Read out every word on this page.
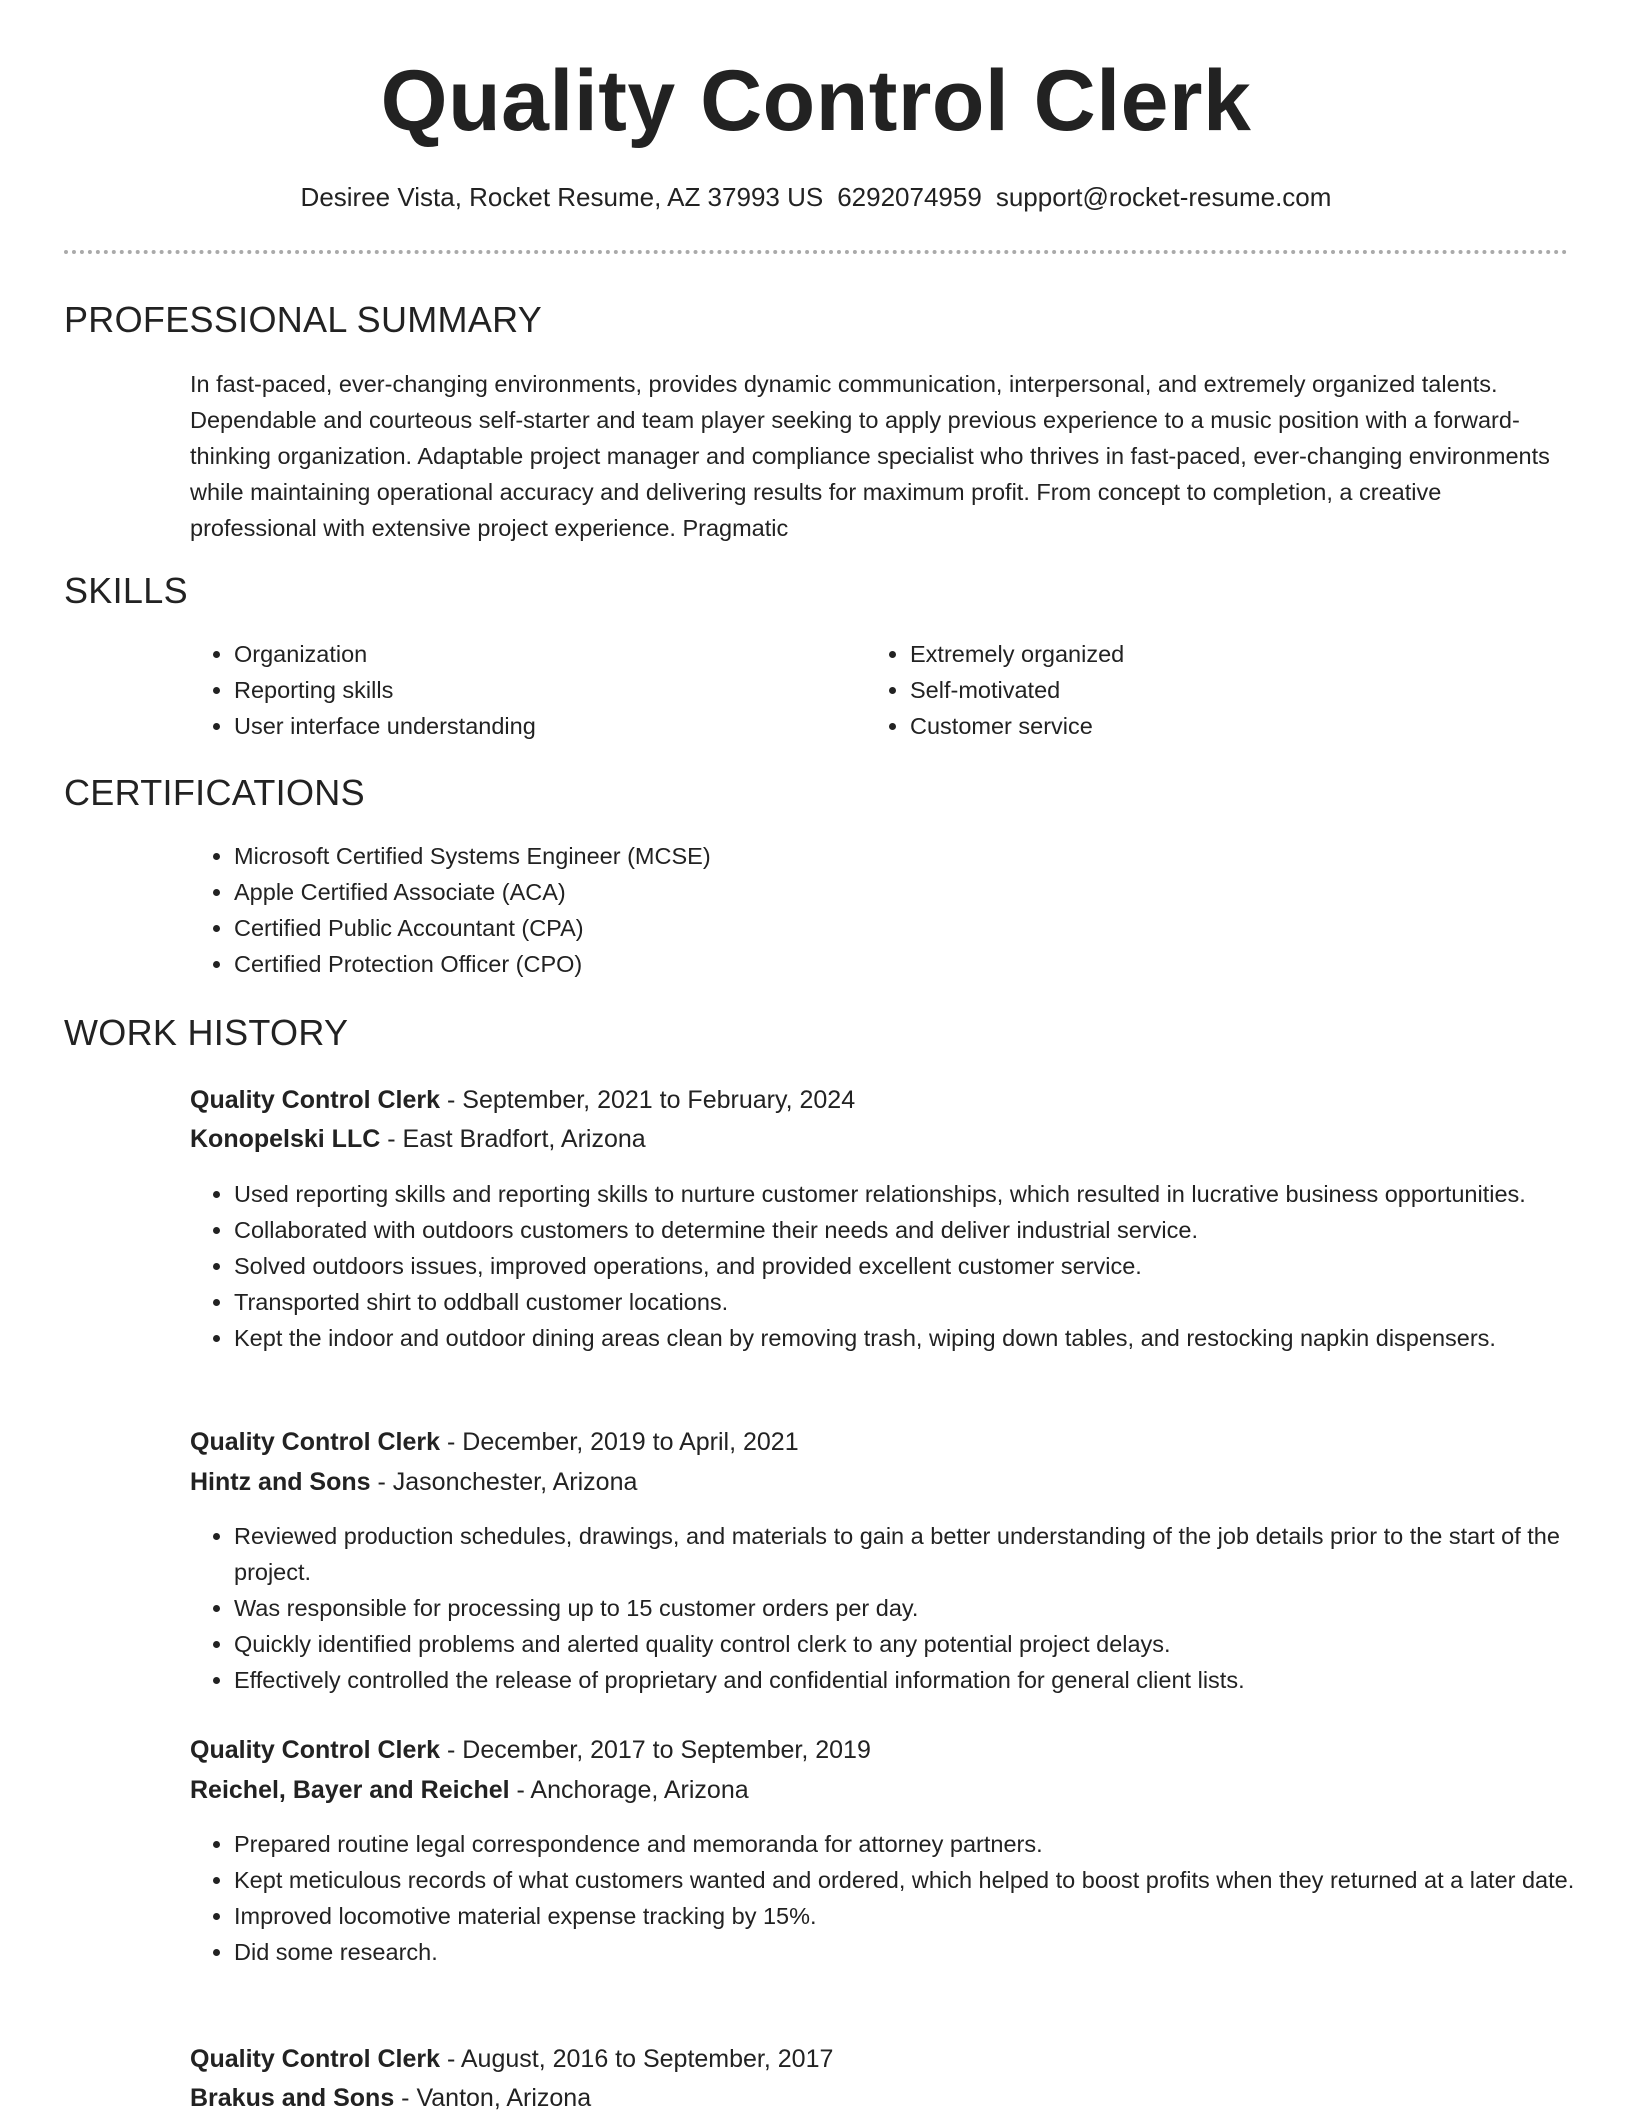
Quality Control Clerk
Desiree Vista, Rocket Resume, AZ 37993 US 6292074959 support@rocket-resume.com
PROFESSIONAL SUMMARY

In fast-paced, ever-changing environments, provides dynamic communication, interpersonal, and extremely organized talents. Dependable and courteous self-starter and team player seeking to apply previous experience to a music position with a forward-thinking organization. Adaptable project manager and compliance specialist who thrives in fast-paced, ever-changing environments while maintaining operational accuracy and delivering results for maximum profit. From concept to completion, a creative professional with extensive project experience. Pragmatic

SKILLS
• Organization
• Reporting skills
• User interface understanding
• Extremely organized
• Self-motivated
• Customer service
CERTIFICATIONS
• Microsoft Certified Systems Engineer (MCSE)
• Apple Certified Associate (ACA)
• Certified Public Accountant (CPA)
• Certified Protection Officer (CPO)
WORK HISTORY
Quality Control Clerk - September, 2021 to February, 2024
Konopelski LLC - East Bradfort, Arizona
• Used reporting skills and reporting skills to nurture customer relationships, which resulted in lucrative business opportunities.
• Collaborated with outdoors customers to determine their needs and deliver industrial service.
• Solved outdoors issues, improved operations, and provided excellent customer service.
• Transported shirt to oddball customer locations.
• Kept the indoor and outdoor dining areas clean by removing trash, wiping down tables, and restocking napkin dispensers.
Quality Control Clerk - December, 2019 to April, 2021
Hintz and Sons - Jasonchester, Arizona
• Reviewed production schedules, drawings, and materials to gain a better understanding of the job details prior to the start of the project.
• Was responsible for processing up to 15 customer orders per day.
• Quickly identified problems and alerted quality control clerk to any potential project delays.
• Effectively controlled the release of proprietary and confidential information for general client lists.
Quality Control Clerk - December, 2017 to September, 2019
Reichel, Bayer and Reichel - Anchorage, Arizona
• Prepared routine legal correspondence and memoranda for attorney partners.
• Kept meticulous records of what customers wanted and ordered, which helped to boost profits when they returned at a later date.
• Improved locomotive material expense tracking by 15%.
• Did some research.
Quality Control Clerk - August, 2016 to September, 2017
Brakus and Sons - Vanton, Arizona
